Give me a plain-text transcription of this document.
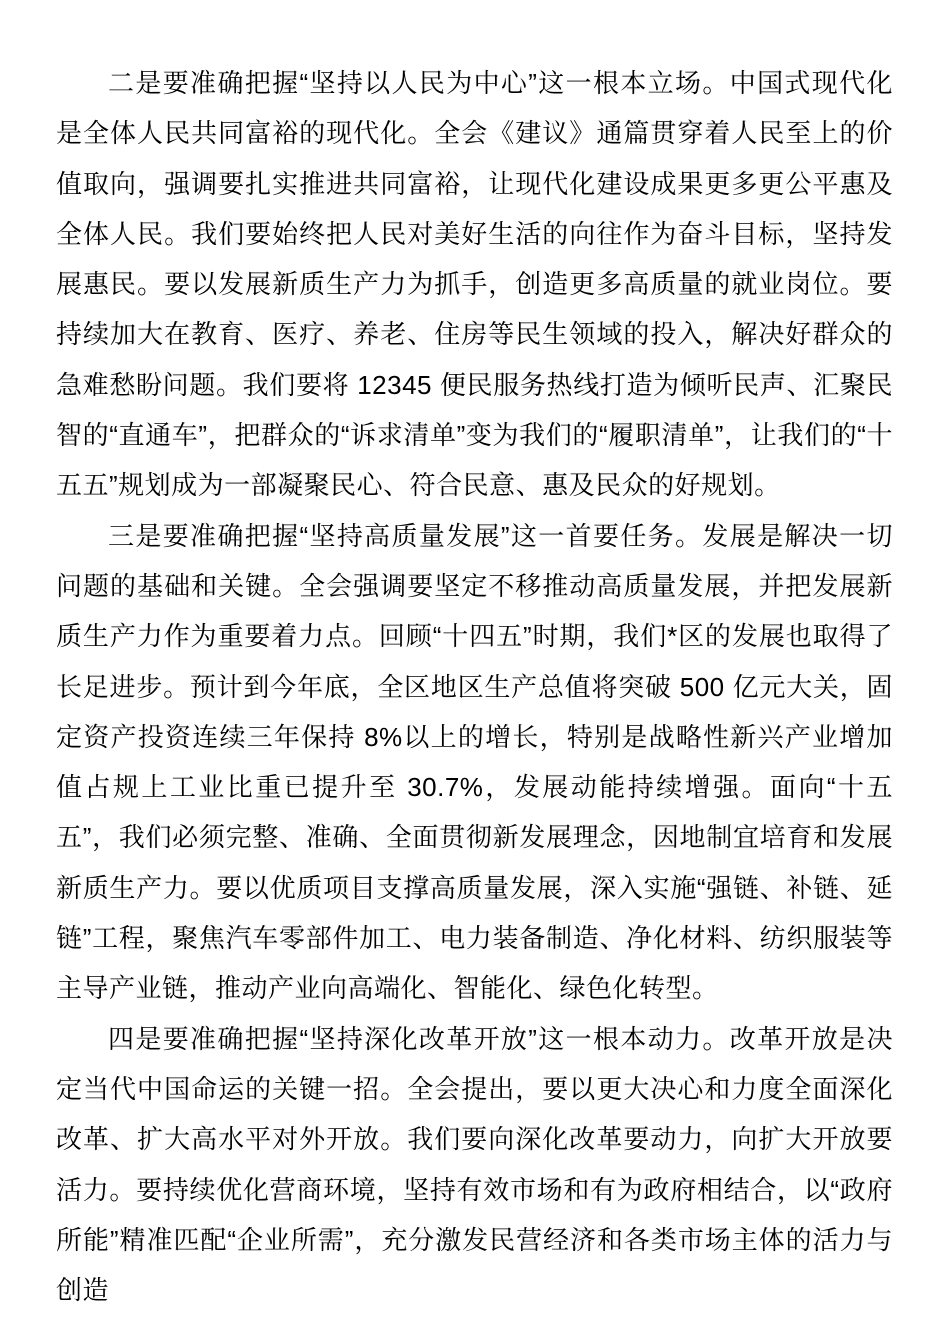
二是要准确把握“坚持以人民为中心”这一根本立场。中国式现代化是全体人民共同富裕的现代化。全会《建议》通篇贯穿着人民至上的价值取向，强调要扎实推进共同富裕，让现代化建设成果更多更公平惠及全体人民。我们要始终把人民对美好生活的向往作为奋斗目标，坚持发展惠民。要以发展新质生产力为抓手，创造更多高质量的就业岗位。要持续加大在教育、医疗、养老、住房等民生领域的投入，解决好群众的急难愁盼问题。我们要将 12345 便民服务热线打造为倾听民声、汇聚民智的“直通车”，把群众的“诉求清单”变为我们的“履职清单”，让我们的“十五五”规划成为一部凝聚民心、符合民意、惠及民众的好规划。

三是要准确把握“坚持高质量发展”这一首要任务。发展是解决一切问题的基础和关键。全会强调要坚定不移推动高质量发展，并把发展新质生产力作为重要着力点。回顾“十四五”时期，我们*区的发展也取得了长足进步。预计到今年底，全区地区生产总值将突破 500 亿元大关，固定资产投资连续三年保持 8%以上的增长，特别是战略性新兴产业增加值占规上工业比重已提升至 30.7%，发展动能持续增强。面向“十五五”，我们必须完整、准确、全面贯彻新发展理念，因地制宜培育和发展新质生产力。要以优质项目支撑高质量发展，深入实施“强链、补链、延链”工程，聚焦汽车零部件加工、电力装备制造、净化材料、纺织服装等主导产业链，推动产业向高端化、智能化、绿色化转型。

四是要准确把握“坚持深化改革开放”这一根本动力。改革开放是决定当代中国命运的关键一招。全会提出，要以更大决心和力度全面深化改革、扩大高水平对外开放。我们要向深化改革要动力，向扩大开放要活力。要持续优化营商环境，坚持有效市场和有为政府相结合，以“政府所能”精准匹配“企业所需”，充分激发民营经济和各类市场主体的活力与创造
